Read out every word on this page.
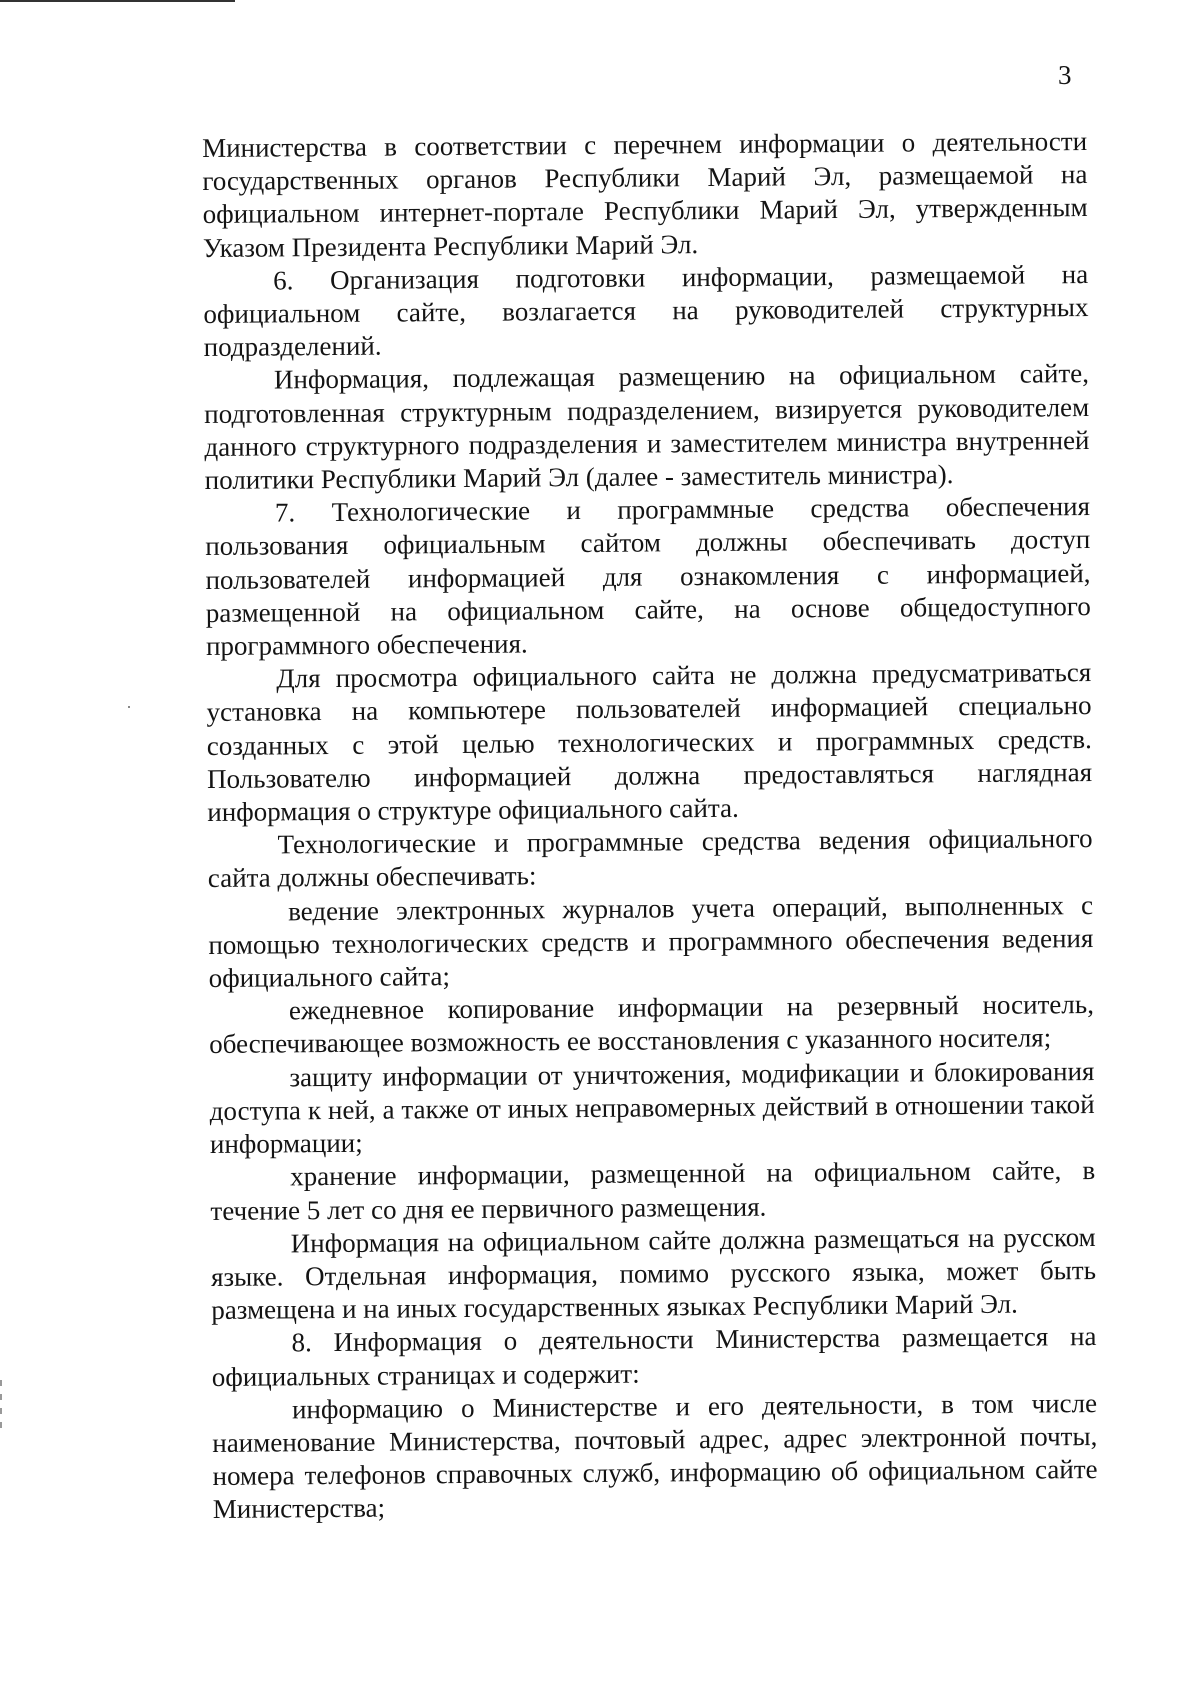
3

Министерства в соответствии с перечнем информации о деятельности государственных органов Республики Марий Эл, размещаемой на официальном интернет-портале Республики Марий Эл, утвержденным Указом Президента Республики Марий Эл.

6. Организация подготовки информации, размещаемой на официальном сайте, возлагается на руководителей структурных подразделений.

Информация, подлежащая размещению на официальном сайте, подготовленная структурным подразделением, визируется руководителем данного структурного подразделения и заместителем министра внутренней политики Республики Марий Эл (далее - заместитель министра).

7. Технологические и программные средства обеспечения пользования официальным сайтом должны обеспечивать доступ пользователей информацией для ознакомления с информацией, размещенной на официальном сайте, на основе общедоступного программного обеспечения.

Для просмотра официального сайта не должна предусматриваться установка на компьютере пользователей информацией специально созданных с этой целью технологических и программных средств. Пользователю информацией должна предоставляться наглядная информация о структуре официального сайта.

Технологические и программные средства ведения официального сайта должны обеспечивать:

ведение электронных журналов учета операций, выполненных с помощью технологических средств и программного обеспечения ведения официального сайта;

ежедневное копирование информации на резервный носитель, обеспечивающее возможность ее восстановления с указанного носителя;

защиту информации от уничтожения, модификации и блокирования доступа к ней, а также от иных неправомерных действий в отношении такой информации;

хранение информации, размещенной на официальном сайте, в течение 5 лет со дня ее первичного размещения.

Информация на официальном сайте должна размещаться на русском языке. Отдельная информация, помимо русского языка, может быть размещена и на иных государственных языках Республики Марий Эл.

8. Информация о деятельности Министерства размещается на официальных страницах и содержит:

информацию о Министерстве и его деятельности, в том числе наименование Министерства, почтовый адрес, адрес электронной почты, номера телефонов справочных служб, информацию об официальном сайте Министерства;
